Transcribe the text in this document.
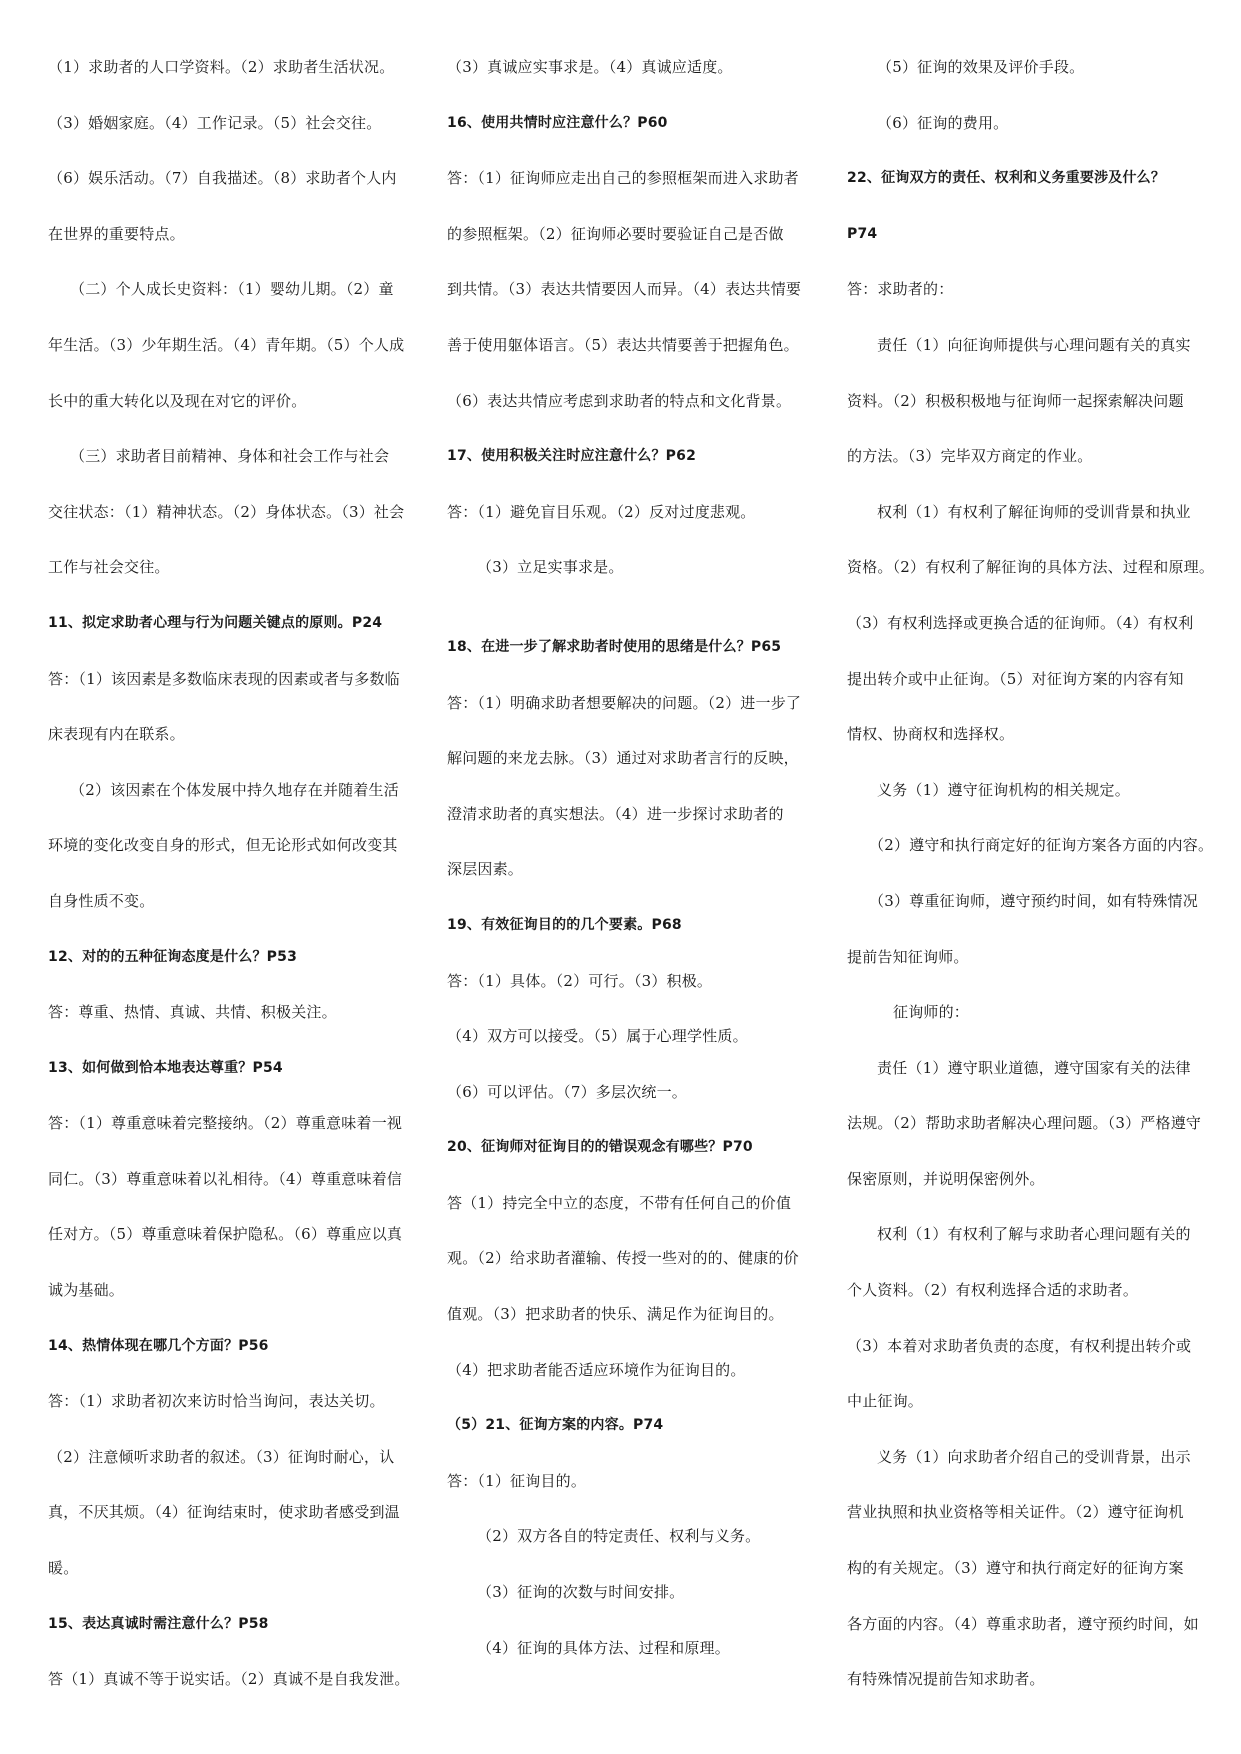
（1）求助者的人口学资料。（2）求助者生活状况。

（3）婚姻家庭。（4）工作记录。（5）社会交往。

（6）娱乐活动。（7）自我描述。（8）求助者个人内

在世界的重要特点。

（二）个人成长史资料：（1）婴幼儿期。（2）童

年生活。（3）少年期生活。（4）青年期。（5）个人成

长中的重大转化以及现在对它的评价。

（三）求助者目前精神、身体和社会工作与社会

交往状态：（1）精神状态。（2）身体状态。（3）社会

工作与社会交往。

11、拟定求助者心理与行为问题关键点的原则。P24

答：（1）该因素是多数临床表现的因素或者与多数临

床表现有内在联系。

（2）该因素在个体发展中持久地存在并随着生活

环境的变化改变自身的形式，但无论形式如何改变其

自身性质不变。

12、对的的五种征询态度是什么？P53

答：尊重、热情、真诚、共情、积极关注。

13、如何做到恰本地表达尊重？P54

答：（1）尊重意味着完整接纳。（2）尊重意味着一视

同仁。（3）尊重意味着以礼相待。（4）尊重意味着信

任对方。（5）尊重意味着保护隐私。（6）尊重应以真

诚为基础。

14、热情体现在哪几个方面？P56

答：（1）求助者初次来访时恰当询问，表达关切。

（2）注意倾听求助者的叙述。（3）征询时耐心，认

真，不厌其烦。（4）征询结束时，使求助者感受到温

暖。

15、表达真诚时需注意什么？P58

答（1）真诚不等于说实话。（2）真诚不是自我发泄。

（3）真诚应实事求是。（4）真诚应适度。

16、使用共情时应注意什么？P60

答：（1）征询师应走出自己的参照框架而进入求助者

的参照框架。（2）征询师必要时要验证自己是否做

到共情。（3）表达共情要因人而异。（4）表达共情要

善于使用躯体语言。（5）表达共情要善于把握角色。

（6）表达共情应考虑到求助者的特点和文化背景。

17、使用积极关注时应注意什么？P62

答：（1）避免盲目乐观。（2）反对过度悲观。

（3）立足实事求是。

18、在进一步了解求助者时使用的思绪是什么？P65

答：（1）明确求助者想要解决的问题。（2）进一步了

解问题的来龙去脉。（3）通过对求助者言行的反映，

澄清求助者的真实想法。（4）进一步探讨求助者的

深层因素。

19、有效征询目的的几个要素。P68

答：（1）具体。（2）可行。（3）积极。

（4）双方可以接受。（5）属于心理学性质。

（6）可以评估。（7）多层次统一。

20、征询师对征询目的的错误观念有哪些？P70

答（1）持完全中立的态度，不带有任何自己的价值

观。（2）给求助者灌输、传授一些对的的、健康的价

值观。（3）把求助者的快乐、满足作为征询目的。

（4）把求助者能否适应环境作为征询目的。

（5）21、征询方案的内容。P74

答：（1）征询目的。

（2）双方各自的特定责任、权利与义务。

（3）征询的次数与时间安排。

（4）征询的具体方法、过程和原理。

（5）征询的效果及评价手段。

（6）征询的费用。

22、征询双方的责任、权利和义务重要涉及什么？

P74

答：求助者的：

责任（1）向征询师提供与心理问题有关的真实

资料。（2）积极积极地与征询师一起探索解决问题

的方法。（3）完毕双方商定的作业。

权利（1）有权利了解征询师的受训背景和执业

资格。（2）有权利了解征询的具体方法、过程和原理。

（3）有权利选择或更换合适的征询师。（4）有权利

提出转介或中止征询。（5）对征询方案的内容有知

情权、协商权和选择权。

义务（1）遵守征询机构的相关规定。

（2）遵守和执行商定好的征询方案各方面的内容。

（3）尊重征询师，遵守预约时间，如有特殊情况

提前告知征询师。

征询师的：

责任（1）遵守职业道德，遵守国家有关的法律

法规。（2）帮助求助者解决心理问题。（3）严格遵守

保密原则，并说明保密例外。

权利（1）有权利了解与求助者心理问题有关的

个人资料。（2）有权利选择合适的求助者。

（3）本着对求助者负责的态度，有权利提出转介或

中止征询。

义务（1）向求助者介绍自己的受训背景，出示

营业执照和执业资格等相关证件。（2）遵守征询机

构的有关规定。（3）遵守和执行商定好的征询方案

各方面的内容。（4）尊重求助者，遵守预约时间，如

有特殊情况提前告知求助者。
